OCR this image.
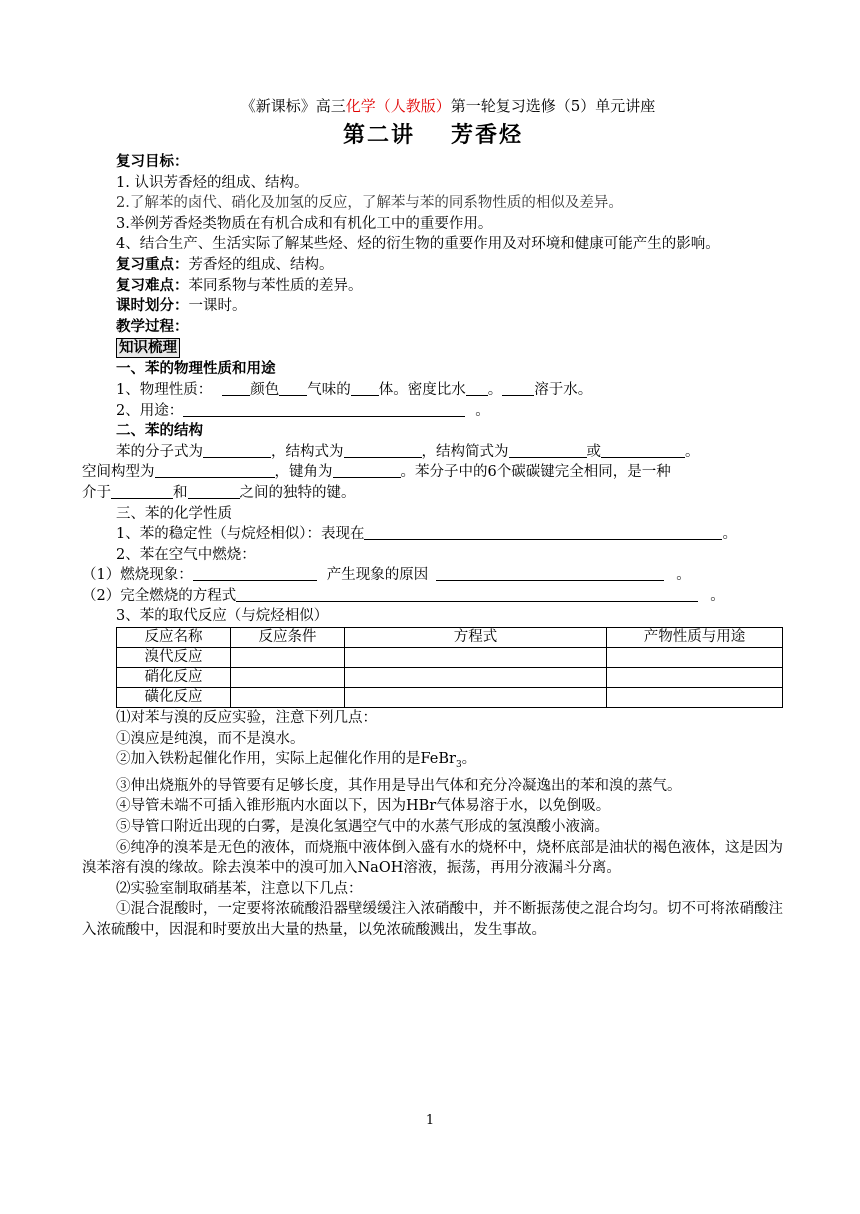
《新课标》高三化学（人教版）第一轮复习选修（5）单元讲座
第二讲 芳香烃

复习目标：

1. 认识芳香烃的组成、结构。

2.了解苯的卤代、硝化及加氢的反应，了解苯与苯的同系物性质的相似及差异。

3.举例芳香烃类物质在有机合成和有机化工中的重要作用。

4、结合生产、生活实际了解某些烃、烃的衍生物的重要作用及对环境和健康可能产生的影响。

复习重点：芳香烃的组成、结构。

复习难点：苯同系物与苯性质的差异。

课时划分：一课时。

教学过程：

知识梳理

一、苯的物理性质和用途

1、物理性质：	颜色 气味的 体。密度比水 。 溶于水。

2、用途：	。

二、苯的结构

苯的分子式为	，结构式为	，结构简式为	或	。

空间构型为	，键角为	。苯分子中的6个碳碳键完全相同，是一种

介于	和	之间的独特的键。

三、苯的化学性质

1、苯的稳定性（与烷烃相似）：表现在	。

2、苯在空气中燃烧：

（1）燃烧现象：	产生现象的原因	。

（2）完全燃烧的方程式	。

3、苯的取代反应（与烷烃相似）

反应名称	反应条件	方程式	产物性质与用途
溴代反应			
硝化反应			
磺化反应			

⑴对苯与溴的反应实验，注意下列几点：

①溴应是纯溴，而不是溴水。

②加入铁粉起催化作用，实际上起催化作用的是FeBr$_3$。

③伸出烧瓶外的导管要有足够长度，其作用是导出气体和充分冷凝逸出的苯和溴的蒸气。

④导管未端不可插入锥形瓶内水面以下，因为HBr气体易溶于水，以免倒吸。

⑤导管口附近出现的白雾，是溴化氢遇空气中的水蒸气形成的氢溴酸小液滴。

⑥纯净的溴苯是无色的液体，而烧瓶中液体倒入盛有水的烧杯中，烧杯底部是油状的褐色液体，这是因为溴苯溶有溴的缘故。除去溴苯中的溴可加入NaOH溶液，振荡，再用分液漏斗分离。

⑵实验室制取硝基苯，注意以下几点：

①混合混酸时，一定要将浓硫酸沿器壁缓缓注入浓硝酸中，并不断振荡使之混合均匀。切不可将浓硝酸注入浓硫酸中，因混和时要放出大量的热量，以免浓硫酸溅出，发生事故。

1
